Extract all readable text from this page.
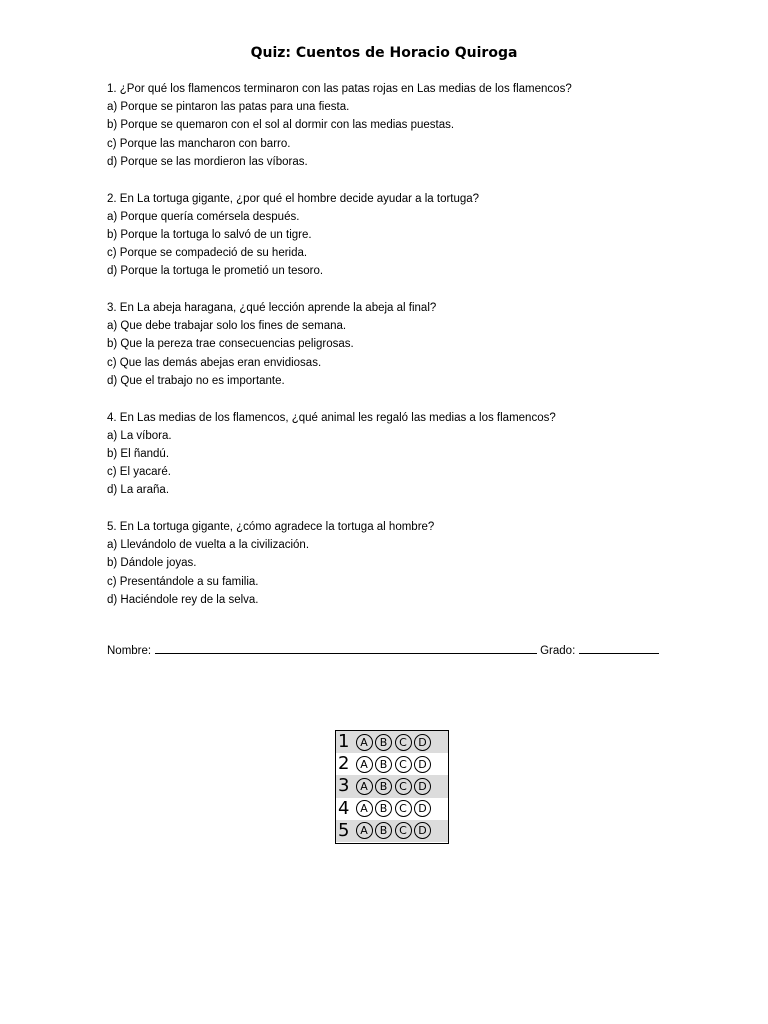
Quiz: Cuentos de Horacio Quiroga
1. ¿Por qué los flamencos terminaron con las patas rojas en Las medias de los flamencos?
a) Porque se pintaron las patas para una fiesta.
b) Porque se quemaron con el sol al dormir con las medias puestas.
c) Porque las mancharon con barro.
d) Porque se las mordieron las víboras.
2. En La tortuga gigante, ¿por qué el hombre decide ayudar a la tortuga?
a) Porque quería comérsela después.
b) Porque la tortuga lo salvó de un tigre.
c) Porque se compadeció de su herida.
d) Porque la tortuga le prometió un tesoro.
3. En La abeja haragana, ¿qué lección aprende la abeja al final?
a) Que debe trabajar solo los fines de semana.
b) Que la pereza trae consecuencias peligrosas.
c) Que las demás abejas eran envidiosas.
d) Que el trabajo no es importante.
4. En Las medias de los flamencos, ¿qué animal les regaló las medias a los flamencos?
a) La víbora.
b) El ñandú.
c) El yacaré.
d) La araña.
5. En La tortuga gigante, ¿cómo agradece la tortuga al hombre?
a) Llevándolo de vuelta a la civilización.
b) Dándole joyas.
c) Presentándole a su familia.
d) Haciéndole rey de la selva.
Nombre:	Grado:
1 A	B	C	D
2 A	B	C	D
3 A	B	C	D
4 A	B	C	D
5 A	B	C	D
